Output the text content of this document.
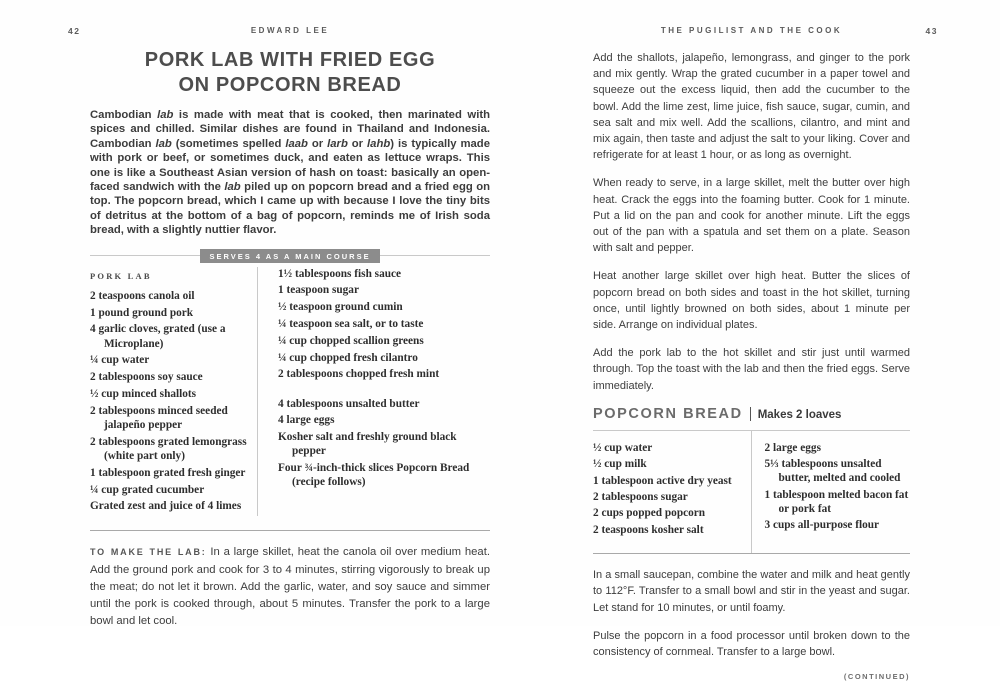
42	EDWARD LEE	THE PUGILIST AND THE COOK	43
PORK LAB WITH FRIED EGG
ON POPCORN BREAD
Cambodian lab is made with meat that is cooked, then marinated with spices and chilled. Similar dishes are found in Thailand and Indonesia. Cambodian lab (sometimes spelled laab or larb or lahb) is typically made with pork or beef, or sometimes duck, and eaten as lettuce wraps. This one is like a Southeast Asian version of hash on toast: basically an open-faced sandwich with the lab piled up on popcorn bread and a fried egg on top. The popcorn bread, which I came up with because I love the tiny bits of detritus at the bottom of a bag of popcorn, reminds me of Irish soda bread, with a slightly nuttier flavor.
SERVES 4 AS A MAIN COURSE
PORK LAB
2 teaspoons canola oil
1 pound ground pork
4 garlic cloves, grated (use a Microplane)
¼ cup water
2 tablespoons soy sauce
½ cup minced shallots
2 tablespoons minced seeded jalapeño pepper
2 tablespoons grated lemongrass (white part only)
1 tablespoon grated fresh ginger
¼ cup grated cucumber
Grated zest and juice of 4 limes
1½ tablespoons fish sauce
1 teaspoon sugar
½ teaspoon ground cumin
¼ teaspoon sea salt, or to taste
¼ cup chopped scallion greens
¼ cup chopped fresh cilantro
2 tablespoons chopped fresh mint
4 tablespoons unsalted butter
4 large eggs
Kosher salt and freshly ground black pepper
Four ¾-inch-thick slices Popcorn Bread (recipe follows)
TO MAKE THE LAB: In a large skillet, heat the canola oil over medium heat. Add the ground pork and cook for 3 to 4 minutes, stirring vigorously to break up the meat; do not let it brown. Add the garlic, water, and soy sauce and simmer until the pork is cooked through, about 5 minutes. Transfer the pork to a large bowl and let cool.
Add the shallots, jalapeño, lemongrass, and ginger to the pork and mix gently. Wrap the grated cucumber in a paper towel and squeeze out the excess liquid, then add the cucumber to the bowl. Add the lime zest, lime juice, fish sauce, sugar, cumin, and sea salt and mix well. Add the scallions, cilantro, and mint and mix again, then taste and adjust the salt to your liking. Cover and refrigerate for at least 1 hour, or as long as overnight.
When ready to serve, in a large skillet, melt the butter over high heat. Crack the eggs into the foaming butter. Cook for 1 minute. Put a lid on the pan and cook for another minute. Lift the eggs out of the pan with a spatula and set them on a plate. Season with salt and pepper.
Heat another large skillet over high heat. Butter the slices of popcorn bread on both sides and toast in the hot skillet, turning once, until lightly browned on both sides, about 1 minute per side. Arrange on individual plates.
Add the pork lab to the hot skillet and stir just until warmed through. Top the toast with the lab and then the fried eggs. Serve immediately.
POPCORN BREAD Makes 2 loaves
½ cup water
½ cup milk
1 tablespoon active dry yeast
2 tablespoons sugar
2 cups popped popcorn
2 teaspoons kosher salt
2 large eggs
5⅓ tablespoons unsalted butter, melted and cooled
1 tablespoon melted bacon fat or pork fat
3 cups all-purpose flour
In a small saucepan, combine the water and milk and heat gently to 112°F. Transfer to a small bowl and stir in the yeast and sugar. Let stand for 10 minutes, or until foamy.
Pulse the popcorn in a food processor until broken down to the consistency of cornmeal. Transfer to a large bowl.
(CONTINUED)
